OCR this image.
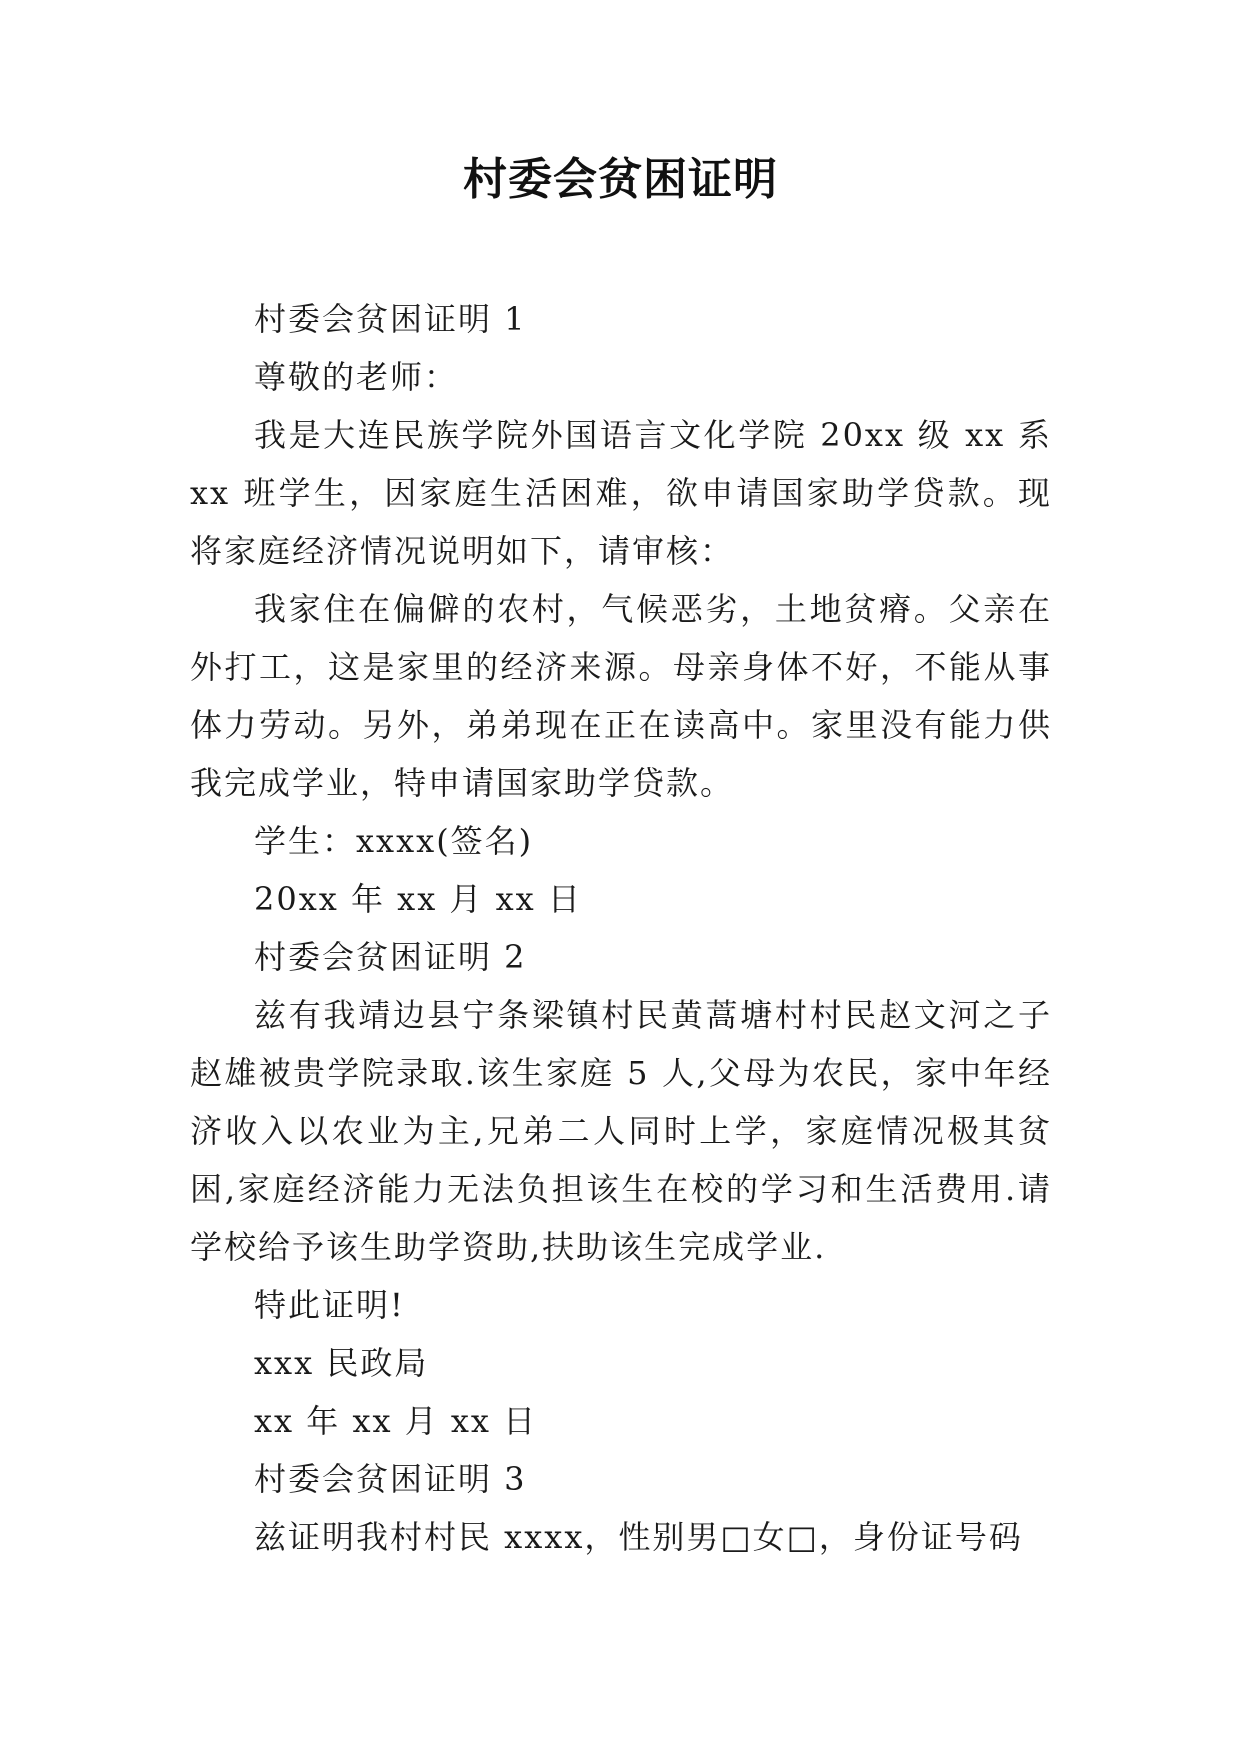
村委会贫困证明

村委会贫困证明 1

尊敬的老师：

我是大连民族学院外国语言文化学院 20xx 级 xx 系 xx 班学生，因家庭生活困难，欲申请国家助学贷款。现将家庭经济情况说明如下，请审核：

我家住在偏僻的农村，气候恶劣，土地贫瘠。父亲在外打工，这是家里的经济来源。母亲身体不好，不能从事体力劳动。另外，弟弟现在正在读高中。家里没有能力供我完成学业，特申请国家助学贷款。

学生：xxxx(签名)

20xx 年 xx 月 xx 日

村委会贫困证明 2

兹有我靖边县宁条梁镇村民黄蒿塘村村民赵文河之子赵雄被贵学院录取.该生家庭 5 人,父母为农民，家中年经济收入以农业为主,兄弟二人同时上学，家庭情况极其贫困,家庭经济能力无法负担该生在校的学习和生活费用.请学校给予该生助学资助,扶助该生完成学业.

特此证明!

xxx 民政局

xx 年 xx 月 xx 日

村委会贫困证明 3

兹证明我村村民 xxxx，性别男□女□，身份证号码
